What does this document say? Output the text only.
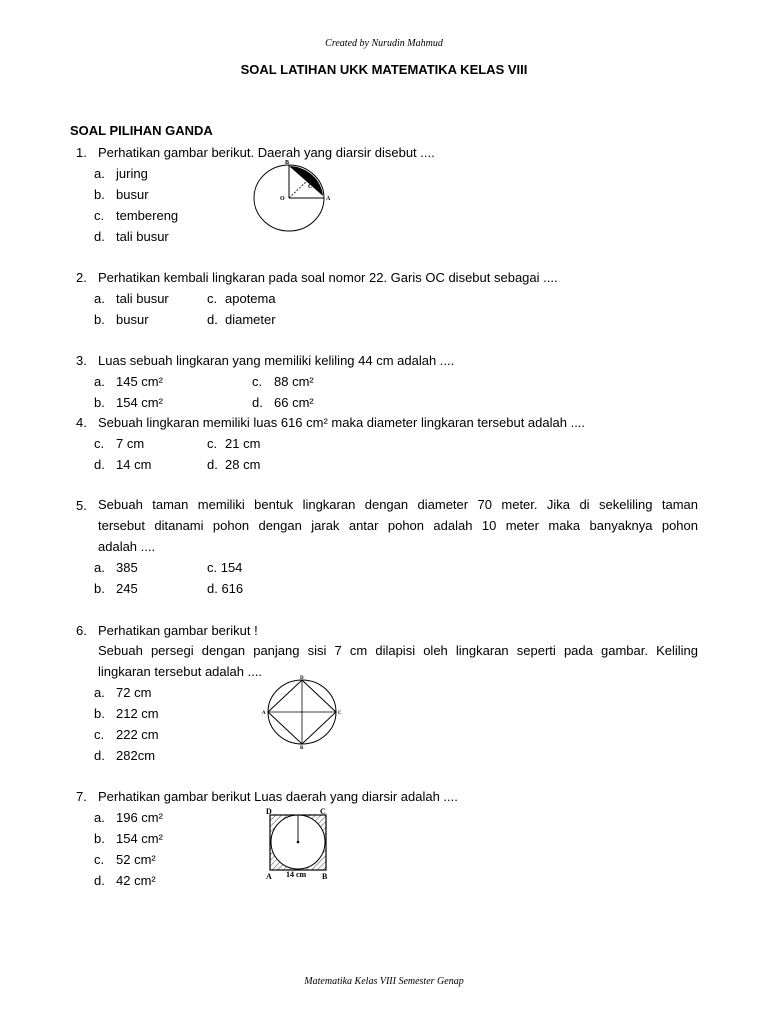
Created by Nurudin Mahmud
SOAL LATIHAN UKK MATEMATIKA KELAS VIII
SOAL PILIHAN GANDA
1. Perhatikan gambar berikut. Daerah yang diarsir disebut ....
a. juring
b. busur
c. tembereng
d. tali busur
B
C
O	A
2. Perhatikan kembali lingkaran pada soal nomor 22. Garis OC disebut sebagai ....
a. tali busur	c. apotema
b. busur	d. diameter
3. Luas sebuah lingkaran yang memiliki keliling 44 cm adalah ....
a. 145 cm²	c. 88 cm²
b. 154 cm²	d. 66 cm²
4. Sebuah lingkaran memiliki luas 616 cm² maka diameter lingkaran tersebut adalah ....
c. 7 cm	c. 21 cm
d. 14 cm	d. 28 cm
5. Sebuah taman memiliki bentuk lingkaran dengan diameter 70 meter. Jika di sekeliling taman
tersebut ditanami pohon dengan jarak antar pohon adalah 10 meter maka banyaknya pohon
adalah ....
a. 385	c. 154
b. 245	d. 616
6. Perhatikan gambar berikut !
Sebuah persegi dengan panjang sisi 7 cm dilapisi oleh lingkaran seperti pada gambar. Keliling
lingkaran tersebut adalah ....
a. 72 cm
b. 212 cm
c. 222 cm
d. 282cm
D
A	C
B
7. Perhatikan gambar berikut Luas daerah yang diarsir adalah ....
a. 196 cm²
b. 154 cm²
c. 52 cm²
d. 42 cm²
D	C
A	B
14 cm
Matematika Kelas VIII Semester Genap
